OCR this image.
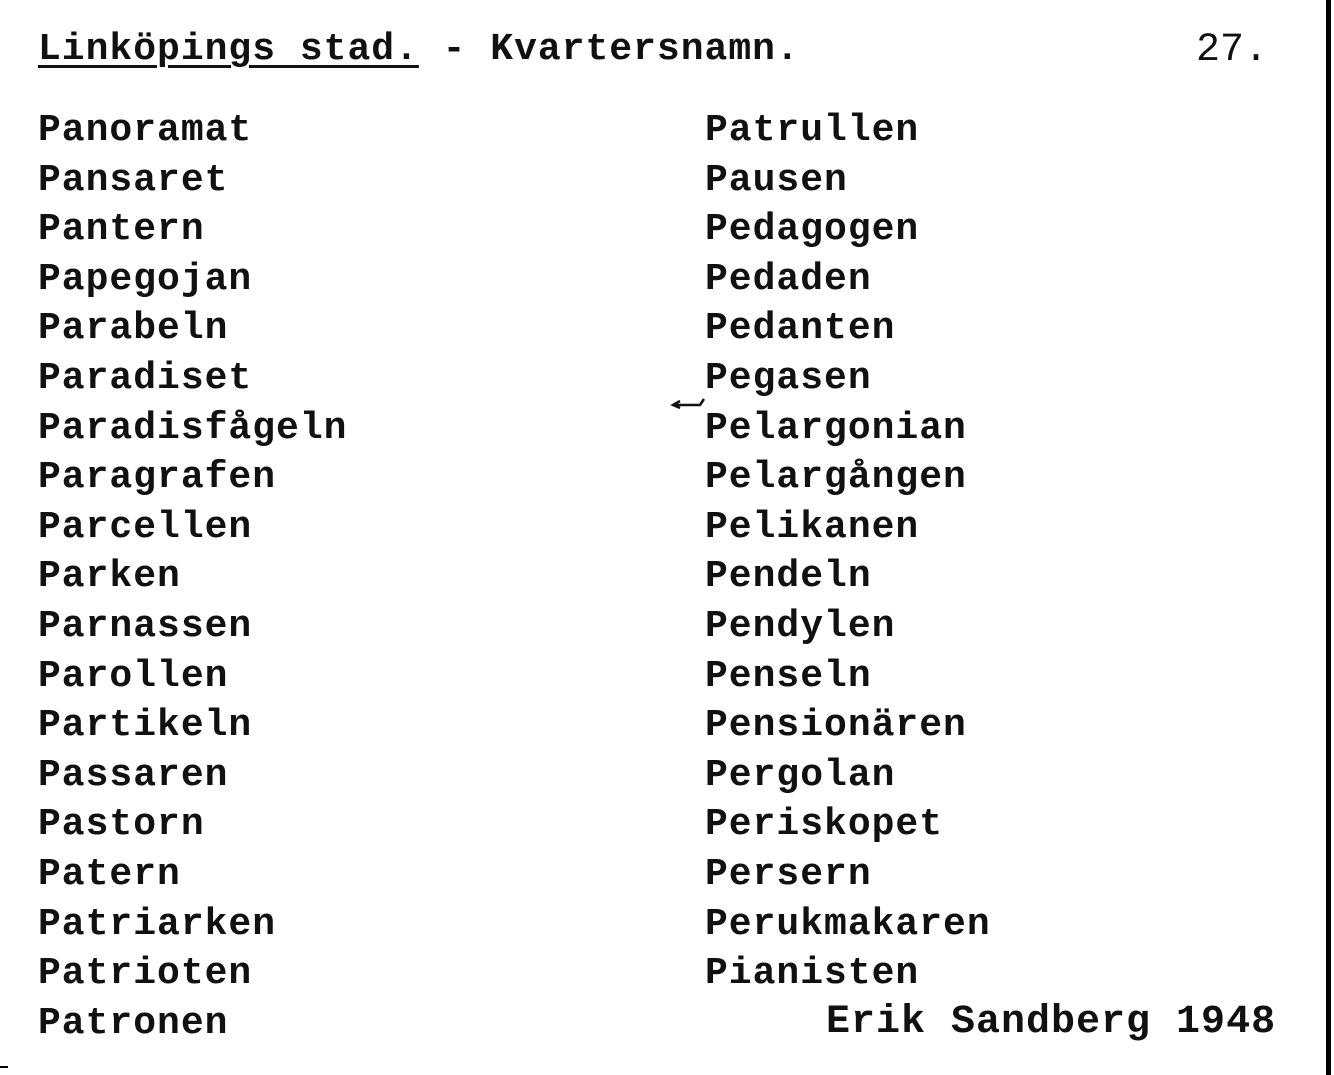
Linköpings stad. - Kvartersnamn.	27.
Panoramat
Pansaret
Pantern
Papegojan
Parabeln
Paradiset
Paradisfågeln
Paragrafen
Parcellen
Parken
Parnassen
Parollen
Partikeln
Passaren
Pastorn
Patern
Patriarken
Patrioten
Patronen
Patrullen
Pausen
Pedagogen
Pedaden
Pedanten
Pegasen
Pelargonian
Pelargången
Pelikanen
Pendeln
Pendylen
Penseln
Pensionären
Pergolan
Periskopet
Persern
Perukmakaren
Pianisten
Erik Sandberg 1948
